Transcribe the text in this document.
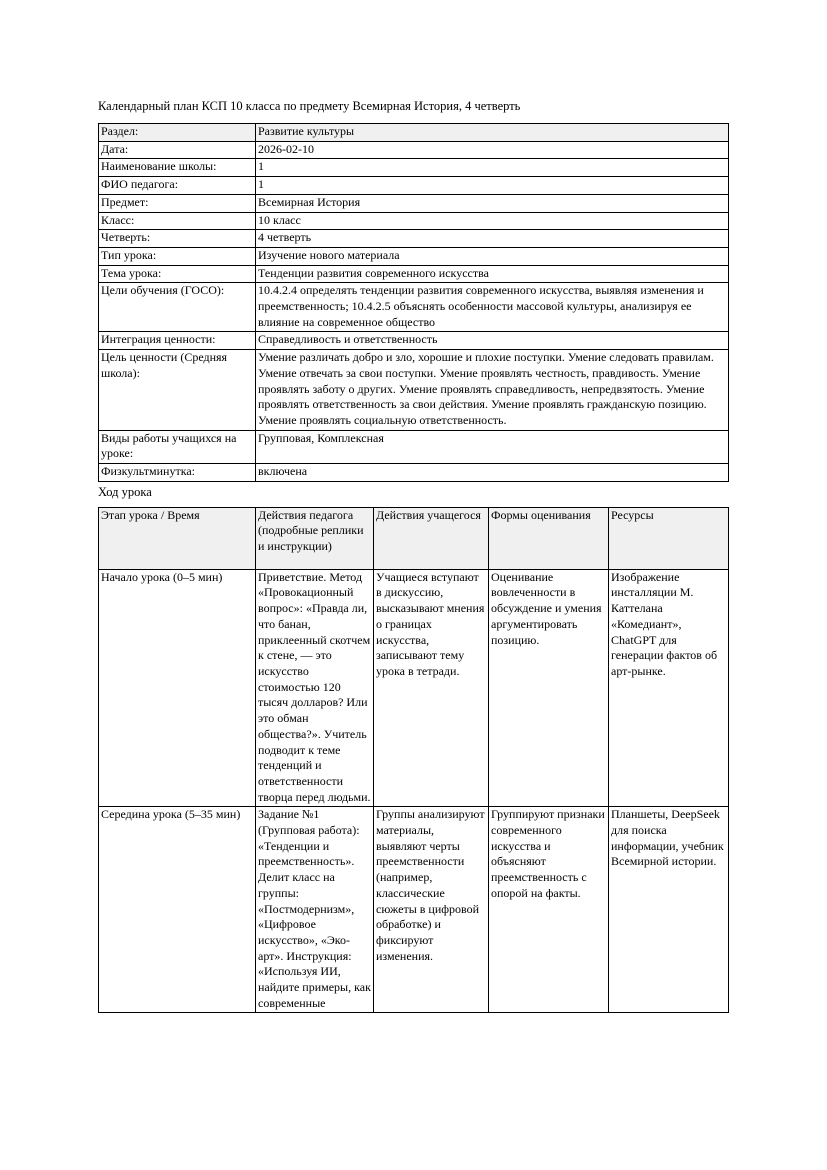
Календарный план КСП 10 класса по предмету Всемирная История, 4 четверть

Раздел:	Развитие культуры
Дата:	2026-02-10
Наименование школы:	1
ФИО педагога:	1
Предмет:	Всемирная История
Класс:	10 класс
Четверть:	4 четверть
Тип урока:	Изучение нового материала
Тема урока:	Тенденции развития современного искусства
Цели обучения (ГОСО):	10.4.2.4 определять тенденции развития современного искусства, выявляя изменения и преемственность; 10.4.2.5 объяснять особенности массовой культуры, анализируя ее влияние на современное общество
Интеграция ценности:	Справедливость и ответственность
Цель ценности (Средняя школа):	Умение различать добро и зло, хорошие и плохие поступки. Умение следовать правилам. Умение отвечать за свои поступки. Умение проявлять честность, правдивость. Умение проявлять заботу о других. Умение проявлять справедливость, непредвзятость. Умение проявлять ответственность за свои действия. Умение проявлять гражданскую позицию. Умение проявлять социальную ответственность.
Виды работы учащихся на уроке:	Групповая, Комплексная
Физкультминутка:	включена

Ход урока

Этап урока / Время	Действия педагога (подробные реплики и инструкции)	Действия учащегося	Формы оценивания	Ресурсы
Начало урока (0–5 мин)	Приветствие. Метод «Провокационный вопрос»: «Правда ли, что банан, приклеенный скотчем к стене, — это искусство стоимостью 120 тысяч долларов? Или это обман общества?». Учитель подводит к теме тенденций и ответственности творца перед людьми.	Учащиеся вступают в дискуссию, высказывают мнения о границах искусства, записывают тему урока в тетради.	Оценивание вовлеченности в обсуждение и умения аргументировать позицию.	Изображение инсталляции М. Каттелана «Комедиант», ChatGPT для генерации фактов об арт-рынке.
Середина урока (5–35 мин)	Задание №1 (Групповая работа): «Тенденции и преемственность». Делит класс на группы: «Постмодернизм», «Цифровое искусство», «Эко-арт». Инструкция: «Используя ИИ, найдите примеры, как современные	Группы анализируют материалы, выявляют черты преемственности (например, классические сюжеты в цифровой обработке) и фиксируют изменения.	Группируют признаки современного искусства и объясняют преемственность с опорой на факты.	Планшеты, DeepSeek для поиска информации, учебник Всемирной истории.
